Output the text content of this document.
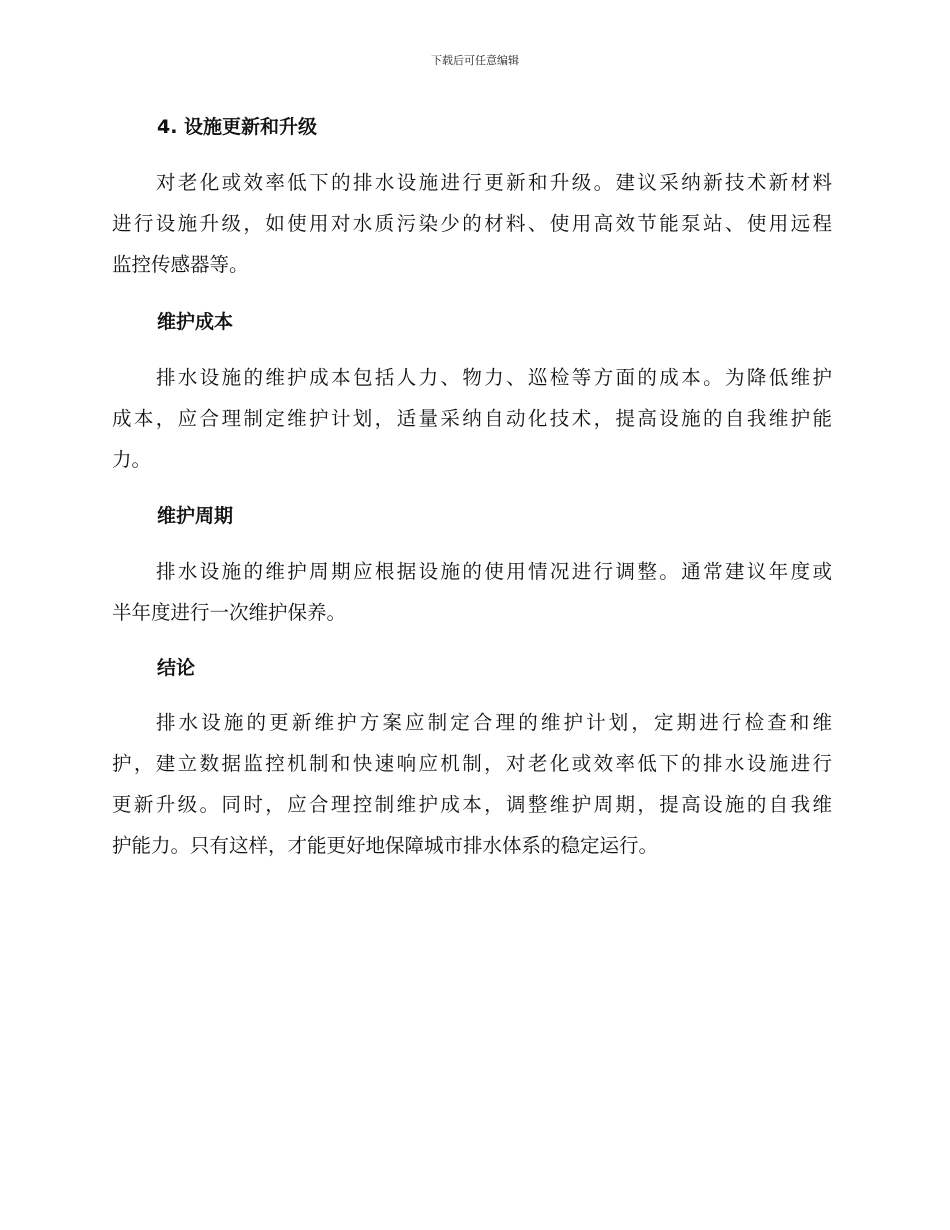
下载后可任意编辑
4. 设施更新和升级
对老化或效率低下的排水设施进行更新和升级。建议采纳新技术新材料
进行设施升级，如使用对水质污染少的材料、使用高效节能泵站、使用远程
监控传感器等。
维护成本
排水设施的维护成本包括人力、物力、巡检等方面的成本。为降低维护
成本，应合理制定维护计划，适量采纳自动化技术，提高设施的自我维护能
力。
维护周期
排水设施的维护周期应根据设施的使用情况进行调整。通常建议年度或
半年度进行一次维护保养。
结论
排水设施的更新维护方案应制定合理的维护计划，定期进行检查和维
护，建立数据监控机制和快速响应机制，对老化或效率低下的排水设施进行
更新升级。同时，应合理控制维护成本，调整维护周期，提高设施的自我维
护能力。只有这样，才能更好地保障城市排水体系的稳定运行。
